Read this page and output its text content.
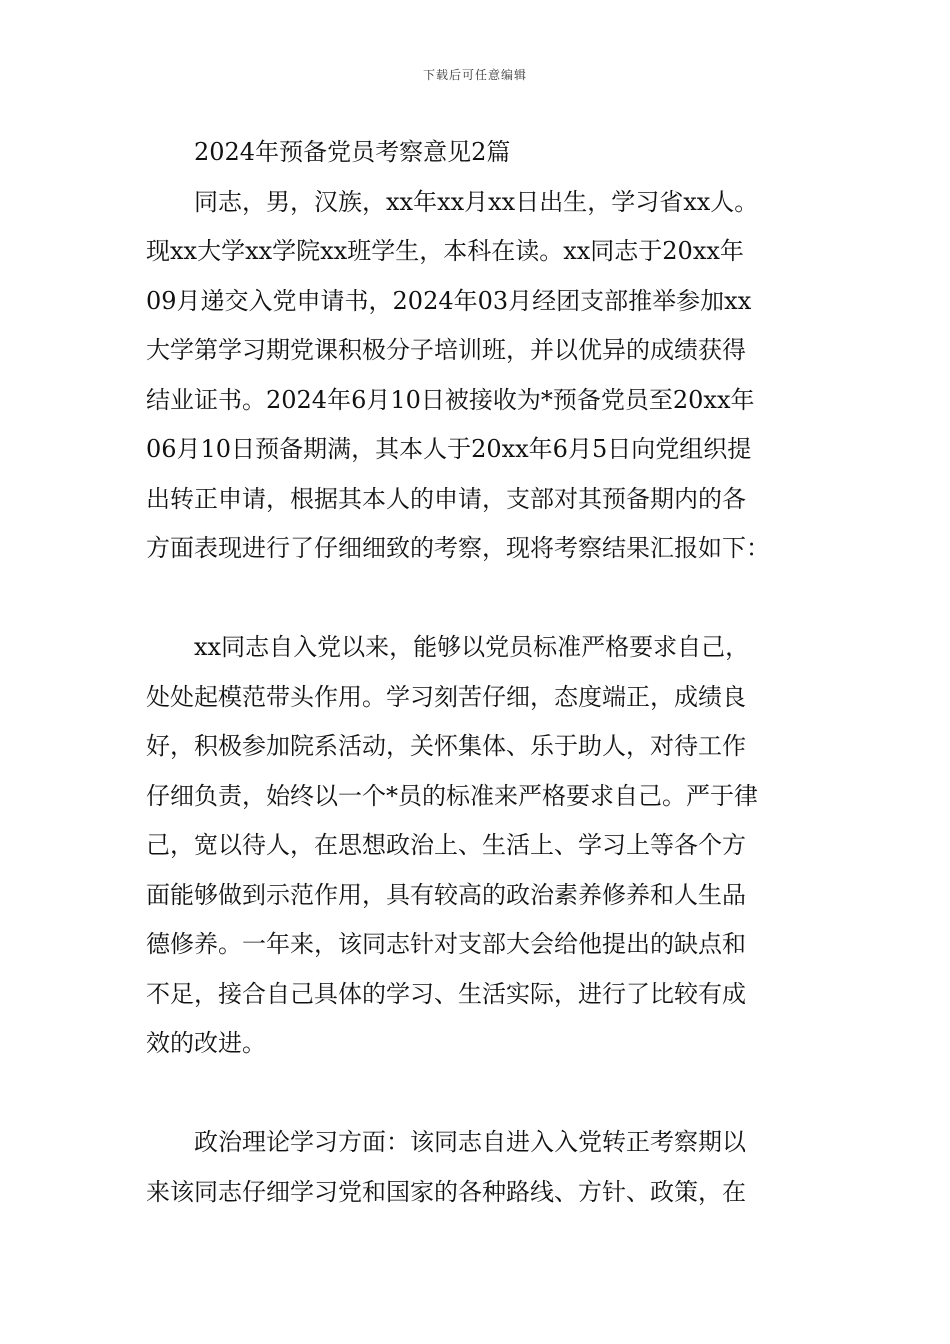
下载后可任意编辑

2024年预备党员考察意见2篇

同志，男，汉族，xx年xx月xx日出生，学习省xx人。

现xx大学xx学院xx班学生，本科在读。xx同志于20xx年

09月递交入党申请书，2024年03月经团支部推举参加xx

大学第学习期党课积极分子培训班，并以优异的成绩获得

结业证书。2024年6月10日被接收为*预备党员至20xx年

06月10日预备期满，其本人于20xx年6月5日向党组织提

出转正申请，根据其本人的申请，支部对其预备期内的各

方面表现进行了仔细细致的考察，现将考察结果汇报如下：

xx同志自入党以来，能够以党员标准严格要求自己，

处处起模范带头作用。学习刻苦仔细，态度端正，成绩良

好，积极参加院系活动，关怀集体、乐于助人，对待工作

仔细负责，始终以一个*员的标准来严格要求自己。严于律

己，宽以待人，在思想政治上、生活上、学习上等各个方

面能够做到示范作用，具有较高的政治素养修养和人生品

德修养。一年来，该同志针对支部大会给他提出的缺点和

不足，接合自己具体的学习、生活实际，进行了比较有成

效的改进。

政治理论学习方面：该同志自进入入党转正考察期以

来该同志仔细学习党和国家的各种路线、方针、政策，在
